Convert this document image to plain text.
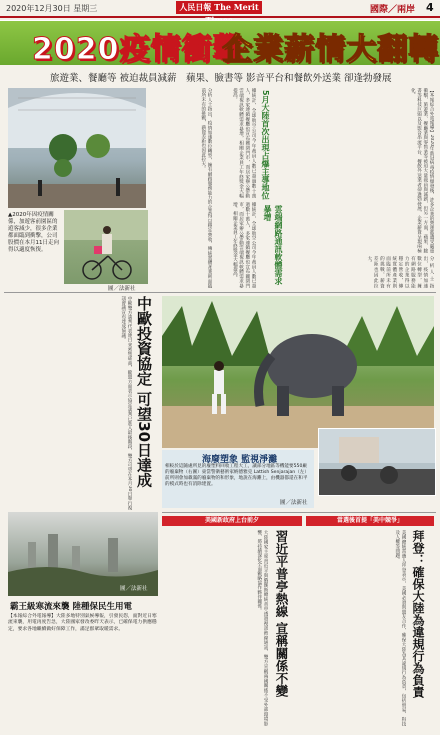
2020年12月30日 星期三	人民日報 The Merit	國際／兩岸 4
2020疫情衝擊
企業薪情大翻轉
旅遊業、餐廳等 被迫裁員減薪　蘋果、臉書等 影音平台和餐飲外送業 卻逢勃發展
▲2020年因疫情關係，加遊客前園區的遊客減少，很多企業都面臨到衝擊，公司股價在本月11日走向得以適度恢復。
圖／法新社
分析人士指出，疫情加速數位轉型，擁有網路服務能力的企業得以穩定營收，傳統實體產業則面臨前所未有的挑戰，薪資差距也因此拉大。	據統計，全球航空公司今年裁員人數已超過數十萬人，多家連鎖餐廳也宣布關閉門市，而居家辦公帶動雲端視訊軟體需求暴增，相關企業員工年終獎金大幅提高。	5月大陸首次出現占爆主導地位	【本報綜合外電報導】2020年新冠病毒疫情爆發後，許多企業的營運都遭受嚴重衝擊，旅遊業、餐廳業與零售業等被迫大量裁員與減薪，但另一方面，蘋果、臉書等科技巨頭以及影音串流平台、餐飲外送業者卻逢勃發展，企業薪資呈現兩極化。
雲端網路通訊軟體需求暴增
據統計，全球航空公司今年裁員人數已超過數十萬人，多家連鎖餐廳也宣布關閉門市，而居家辦公帶動雲端視訊軟體需求暴增，相關企業員工年終獎金大幅提高。	分析人士指出，疫情加速數位轉型，擁有網路服務能力的企業得以穩定營收，傳統實體產業則面臨前所未有的挑戰，薪資差距也因此拉大。
中歐投資協定 可望30日達成
中歐雙方談判代表連日來密集磋商，歐盟方面表示協定談判已進入最後階段，雙方可望在本月30日舉行視訊會議宣布達成協議。
海廢塑象 監視淨灘
相較於這隨處所見的廢塑料回收工程大工，讓部分地區等機能要550廠的廢棄物（右圖）東當警衛藝術家納德雅克 Lattish Senjarajan（左）前所則會加載滿的廢棄物的和形象，地說在海灘上，由機器都還在和平的模式時也有消除建置。
圖／法新社
圖／法新社
霸王級寒流來襲 陸種保民生用電
【本報綜合外電報導】大陸多地特別氣候導報，引發民怨，面對近日寒流來襲，用電再度告急，大陸國家發改委昨天表示，已確保電力供應穩定，要求各地繼續做好保障工作，滿足群眾取暖需求。
美國新政府上台前夕
大陸國家主席習近平與俄羅斯總統普亭透過視訊熱線通話，雙方宣稱兩國關係不受外部環境影響，將持續深化全面戰略協作夥伴關係。 習近平普亭熱線 宣稱關係不變
當選後首提「美中競爭」
美國總統當選人拜登表示，美國必須與盟友合作，確保大陸為其違規行為負責，包括貿易、科技及人權等問題。 拜登：確保大陸為違規行為負責
